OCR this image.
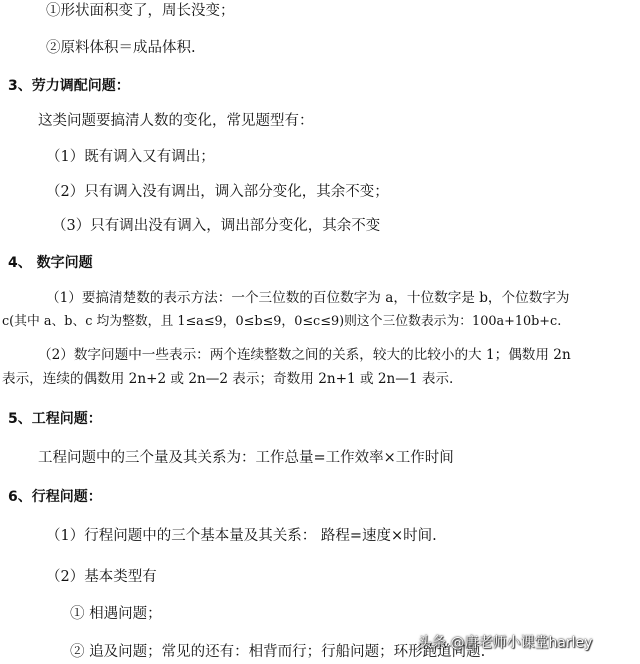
①形状面积变了，周长没变；
②原料体积＝成品体积.
3、劳力调配问题：
这类问题要搞清人数的变化，常见题型有：
（1）既有调入又有调出；
（2）只有调入没有调出，调入部分变化，其余不变；
（3）只有调出没有调入，调出部分变化，其余不变
4、 数字问题
（1）要搞清楚数的表示方法：一个三位数的百位数字为 a，十位数字是 b，个位数字为
c(其中 a、b、c 均为整数，且 1≤a≤9，0≤b≤9，0≤c≤9)则这个三位数表示为：100a+10b+c.
（2）数字问题中一些表示：两个连续整数之间的关系，较大的比较小的大 1；偶数用 2n
表示，连续的偶数用 2n+2 或 2n—2 表示；奇数用 2n+1 或 2n—1 表示.
5、工程问题：
工程问题中的三个量及其关系为：工作总量=工作效率×工作时间
6、行程问题：
（1）行程问题中的三个基本量及其关系： 路程=速度×时间.
（2）基本类型有
① 相遇问题；
② 追及问题；常见的还有：相背而行；行船问题；环形跑道问题.
头条 @唐老师小课堂harley
